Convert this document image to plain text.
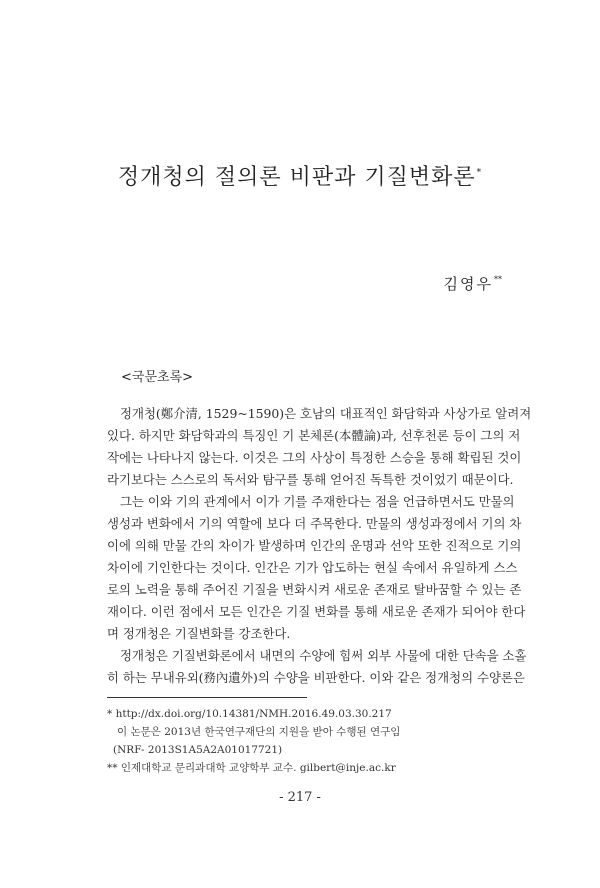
정개청의 절의론 비판과 기질변화론*
김영우**
<국문초록>
정개청(鄭介清, 1529~1590)은 호남의 대표적인 화담학과 사상가로 알려져
있다. 하지만 화담학과의 특징인 기 본체론(本體論)과, 선후천론 등이 그의 저
작에는 나타나지 않는다. 이것은 그의 사상이 특정한 스승을 통해 확립된 것이
라기보다는 스스로의 독서와 탐구를 통해 얻어진 독특한 것이었기 때문이다.
그는 이와 기의 관계에서 이가 기를 주재한다는 점을 언급하면서도 만물의
생성과 변화에서 기의 역할에 보다 더 주목한다. 만물의 생성과정에서 기의 차
이에 의해 만물 간의 차이가 발생하며 인간의 운명과 선악 또한 진적으로 기의
차이에 기인한다는 것이다. 인간은 기가 압도하는 현실 속에서 유일하게 스스
로의 노력을 통해 주어진 기질을 변화시켜 새로운 존재로 탈바꿈할 수 있는 존
재이다. 이런 점에서 모든 인간은 기질 변화를 통해 새로운 존재가 되어야 한다
며 정개청은 기질변화를 강조한다.
정개청은 기질변화론에서 내면의 수양에 힘써 외부 사물에 대한 단속을 소홀
히 하는 무내유외(務內遺外)의 수양을 비판한다. 이와 같은 정개청의 수양론은
* http://dx.doi.org/10.14381/NMH.2016.49.03.30.217
이 논문은 2013년 한국연구재단의 지원을 받아 수행된 연구임
(NRF- 2013S1A5A2A01017721)
** 인제대학교 문리과대학 교양학부 교수. gilbert@inje.ac.kr
- 217 -
